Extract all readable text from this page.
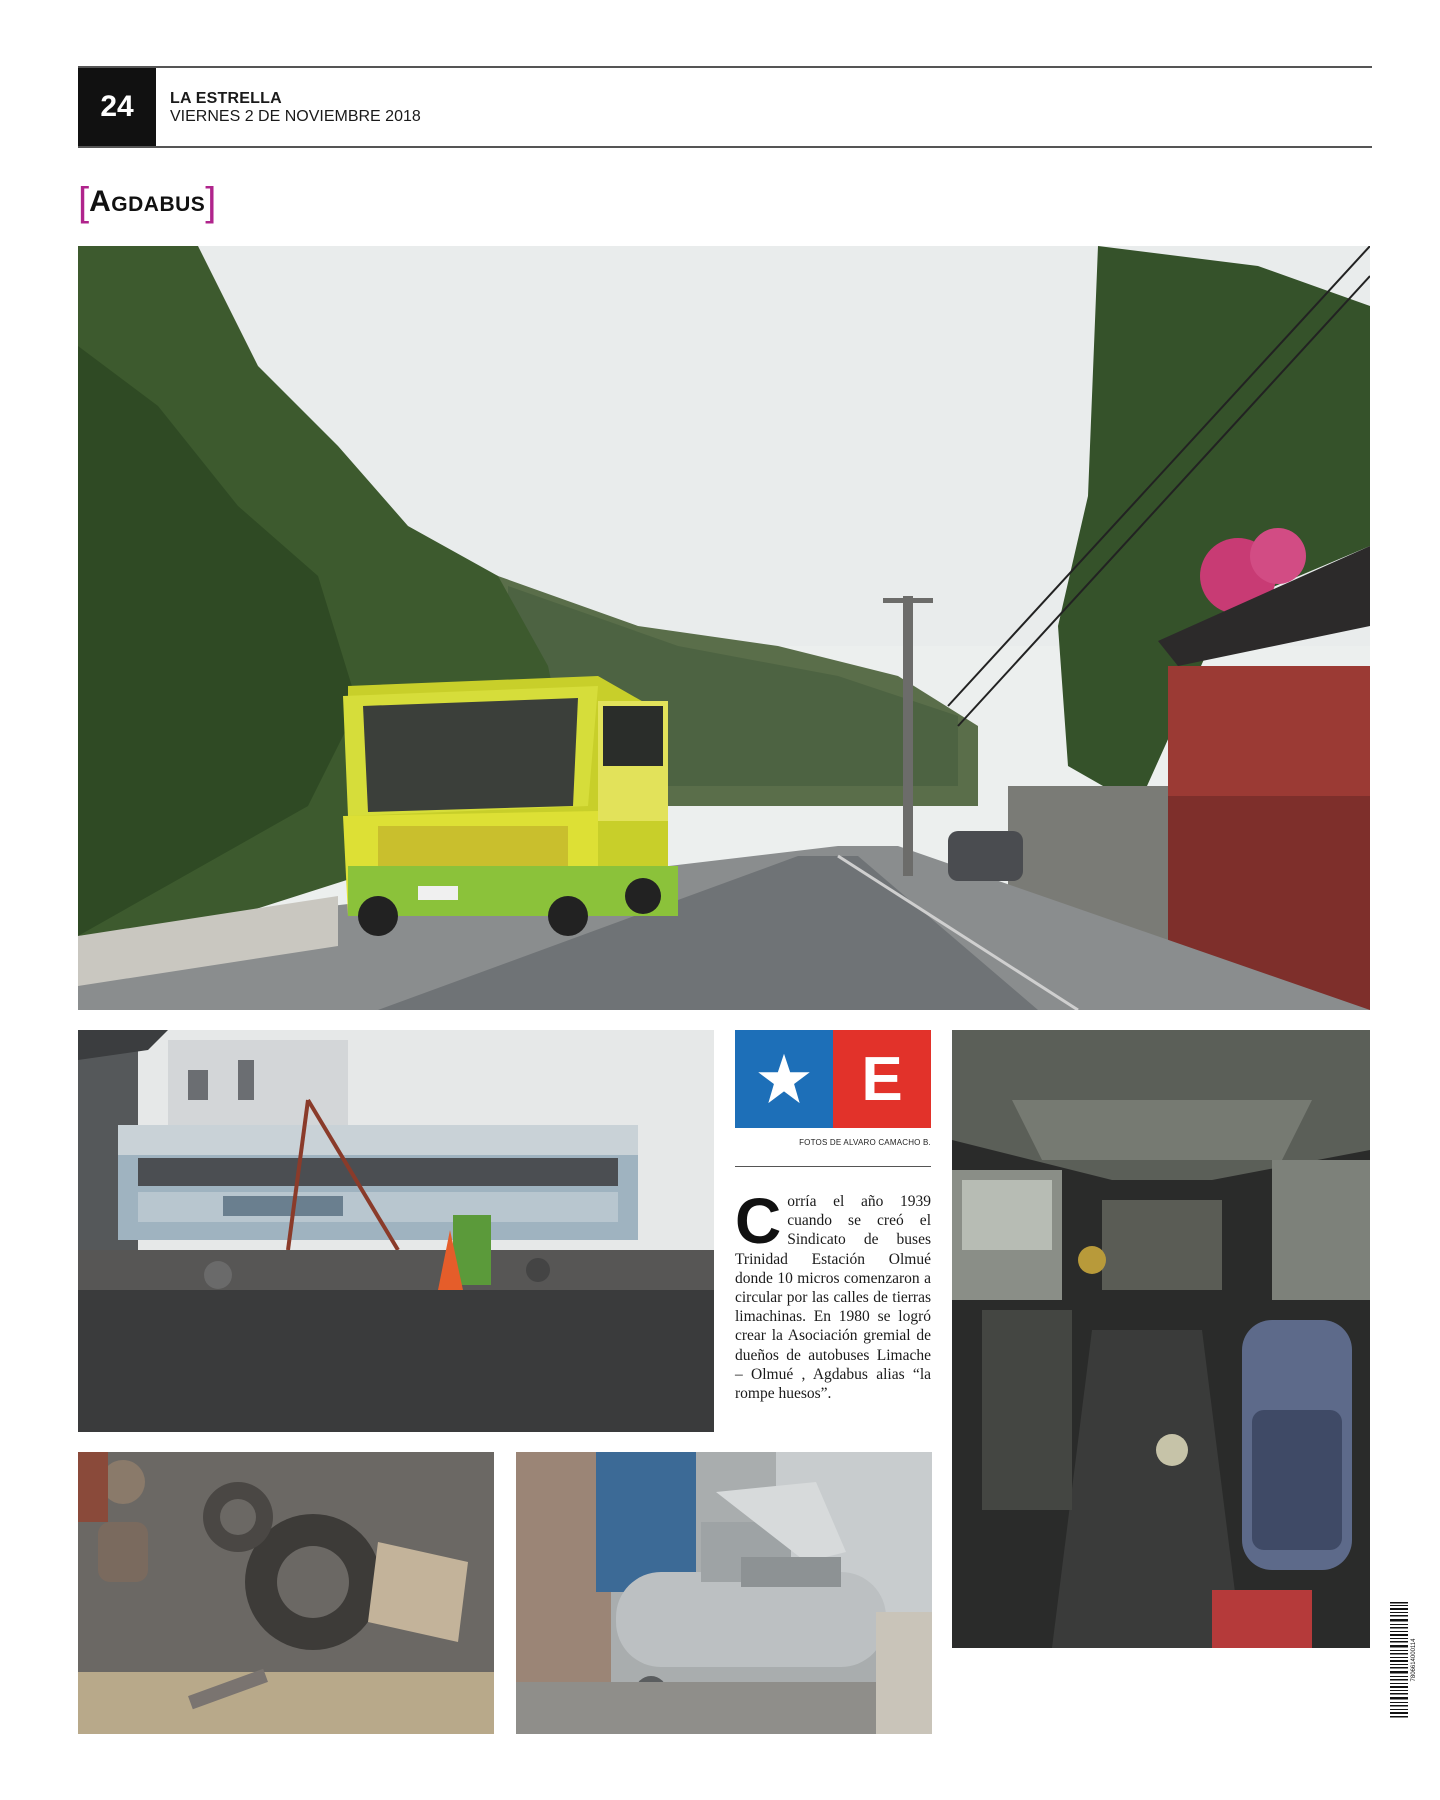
24	LA ESTRELLA
VIERNES 2 DE NOVIEMBRE 2018
[ Agdabus ]
E
FOTOS DE ALVARO CAMACHO B.
Corría el año 1939 cuando se creó el Sindicato de buses Trinidad Estación Olmué donde 10 micros comenzaron a circular por las calles de tierras limachinas. En 1980 se logró crear la Asociación gremial de dueños de autobuses Limache – Olmué , Agdabus alias “la rompe huesos”.
7806614000114
